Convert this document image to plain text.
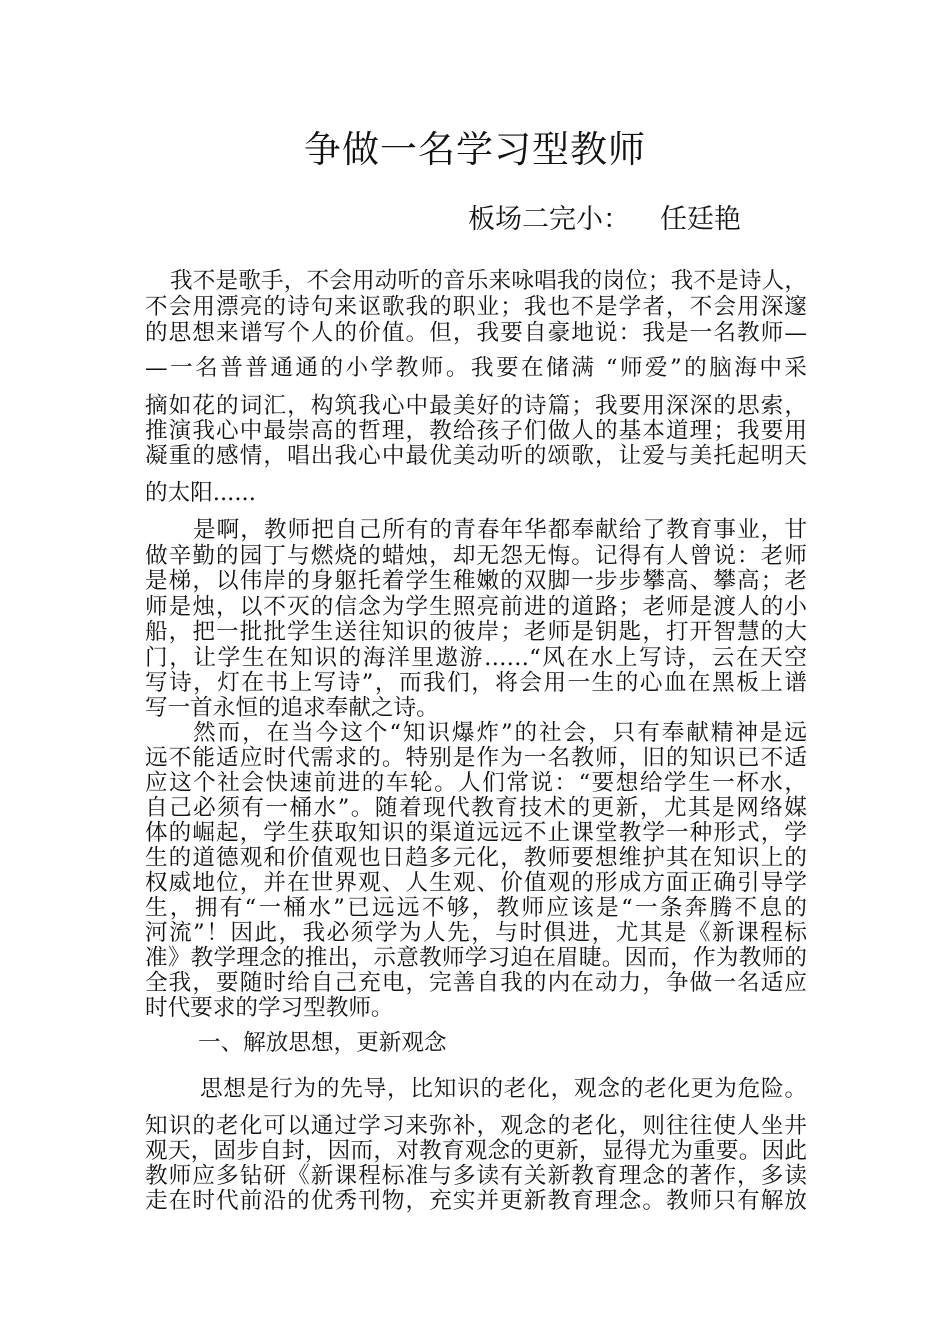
争做一名学习型教师
板场二完小： 任廷艳
我不是歌手，不会用动听的音乐来咏唱我的岗位；我不是诗人，
不会用漂亮的诗句来讴歌我的职业；我也不是学者，不会用深邃
的思想来谱写个人的价值。但，我要自豪地说：我是一名教师—
—一名普普通通的小学教师。我要在储满 “师爱”的脑海中采
摘如花的词汇，构筑我心中最美好的诗篇；我要用深深的思索，
推演我心中最崇高的哲理，教给孩子们做人的基本道理；我要用
凝重的感情，唱出我心中最优美动听的颂歌，让爱与美托起明天
的太阳......
是啊，教师把自己所有的青春年华都奉献给了教育事业，甘
做辛勤的园丁与燃烧的蜡烛，却无怨无悔。记得有人曾说：老师
是梯，以伟岸的身躯托着学生稚嫩的双脚一步步攀高、攀高；老
师是烛，以不灭的信念为学生照亮前进的道路；老师是渡人的小
船，把一批批学生送往知识的彼岸；老师是钥匙，打开智慧的大
门，让学生在知识的海洋里遨游……“风在水上写诗，云在天空
写诗，灯在书上写诗”，而我们，将会用一生的心血在黑板上谱
写一首永恒的追求奉献之诗。
然而，在当今这个“知识爆炸”的社会，只有奉献精神是远
远不能适应时代需求的。特别是作为一名教师，旧的知识已不适
应这个社会快速前进的车轮。人们常说：“要想给学生一杯水，
自己必须有一桶水”。随着现代教育技术的更新，尤其是网络媒
体的崛起，学生获取知识的渠道远远不止课堂教学一种形式，学
生的道德观和价值观也日趋多元化，教师要想维护其在知识上的
权威地位，并在世界观、人生观、价值观的形成方面正确引导学
生，拥有“一桶水”已远远不够，教师应该是“一条奔腾不息的
河流”！因此，我必须学为人先，与时俱进，尤其是《新课程标
准》教学理念的推出，示意教师学习迫在眉睫。因而，作为教师的
全我，要随时给自己充电，完善自我的内在动力，争做一名适应
时代要求的学习型教师。
一、解放思想，更新观念
思想是行为的先导，比知识的老化，观念的老化更为危险。
知识的老化可以通过学习来弥补，观念的老化，则往往使人坐井
观天，固步自封，因而，对教育观念的更新，显得尤为重要。因此
教师应多钻研《新课程标准与多读有关新教育理念的著作，多读
走在时代前沿的优秀刊物，充实并更新教育理念。教师只有解放
